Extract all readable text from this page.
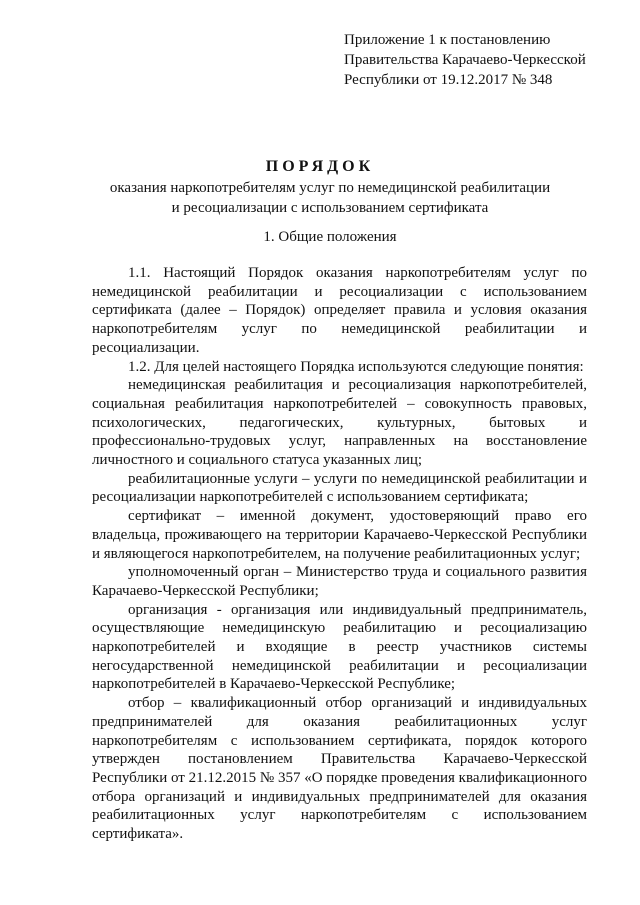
Приложение 1 к постановлению
Правительства Карачаево-Черкесской
Республики от 19.12.2017 № 348
ПОРЯДОК
оказания наркопотребителям услуг по немедицинской реабилитации
и ресоциализации с использованием сертификата
1. Общие положения

1.1. Настоящий Порядок оказания наркопотребителям услуг по немедицинской реабилитации и ресоциализации с использованием сертификата (далее – Порядок) определяет правила и условия оказания наркопотребителям услуг по немедицинской реабилитации и ресоциализации.

1.2. Для целей настоящего Порядка используются следующие понятия:

немедицинская реабилитация и ресоциализация наркопотребителей, социальная реабилитация наркопотребителей – совокупность правовых, психологических, педагогических, культурных, бытовых и профессионально-трудовых услуг, направленных на восстановление личностного и социального статуса указанных лиц;

реабилитационные услуги – услуги по немедицинской реабилитации и ресоциализации наркопотребителей с использованием сертификата;

сертификат – именной документ, удостоверяющий право его владельца, проживающего на территории Карачаево-Черкесской Республики и являющегося наркопотребителем, на получение реабилитационных услуг;

уполномоченный орган – Министерство труда и социального развития Карачаево-Черкесской Республики;

организация - организация или индивидуальный предприниматель, осуществляющие немедицинскую реабилитацию и ресоциализацию наркопотребителей и входящие в реестр участников системы негосударственной немедицинской реабилитации и ресоциализации наркопотребителей в Карачаево-Черкесской Республике;

отбор – квалификационный отбор организаций и индивидуальных предпринимателей для оказания реабилитационных услуг наркопотребителям с использованием сертификата, порядок которого утвержден постановлением Правительства Карачаево-Черкесской Республики от 21.12.2015 № 357 «О порядке проведения квалификационного отбора организаций и индивидуальных предпринимателей для оказания реабилитационных услуг наркопотребителям с использованием сертификата».
